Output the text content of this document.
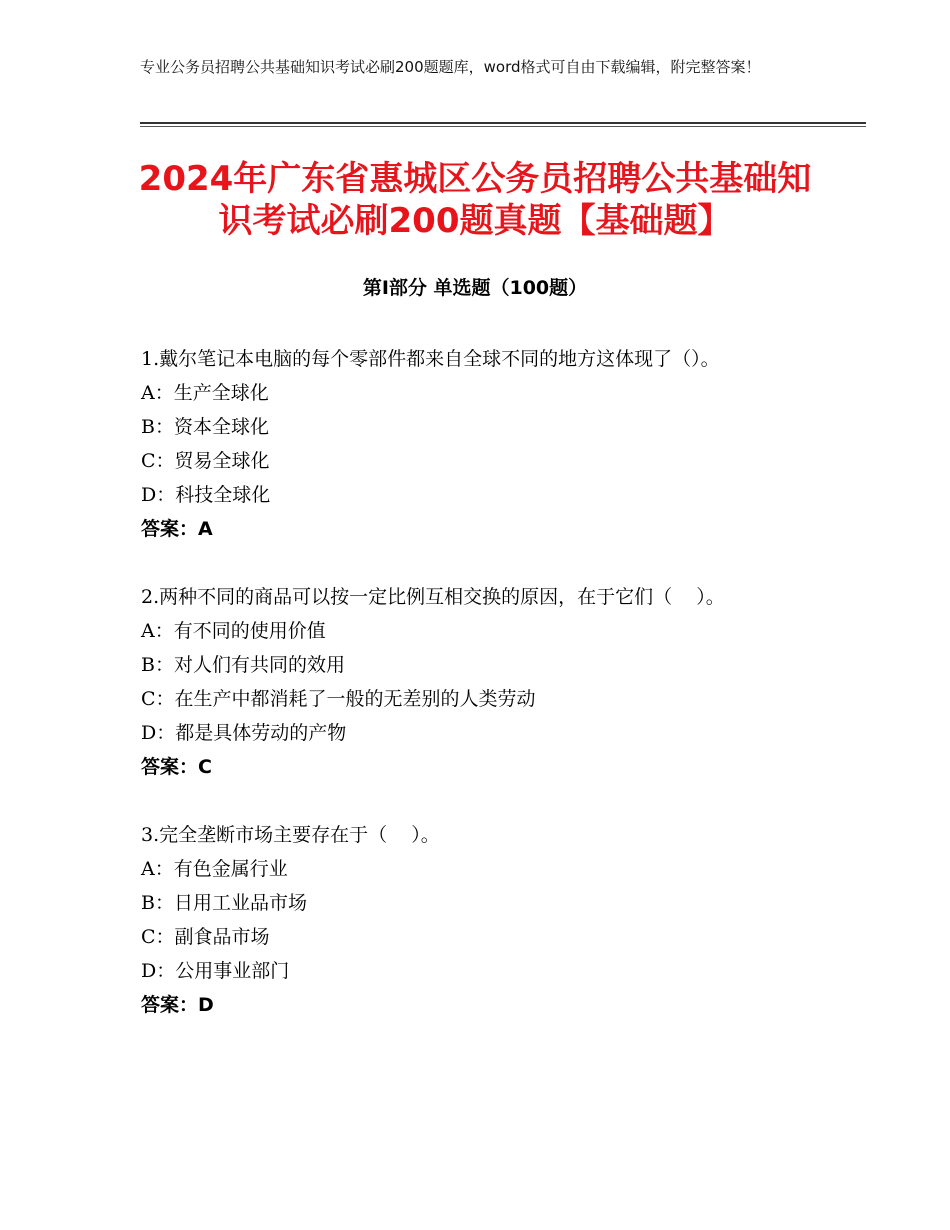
专业公务员招聘公共基础知识考试必刷200题题库，word格式可自由下载编辑，附完整答案！
2024年广东省惠城区公务员招聘公共基础知
识考试必刷200题真题【基础题】
第Ⅰ部分 单选题（100题）
1.戴尔笔记本电脑的每个零部件都来自全球不同的地方这体现了（）。
A：生产全球化
B：资本全球化
C：贸易全球化
D：科技全球化
答案：A
2.两种不同的商品可以按一定比例互相交换的原因，在于它们（    ）。
A：有不同的使用价值
B：对人们有共同的效用
C：在生产中都消耗了一般的无差别的人类劳动
D：都是具体劳动的产物
答案：C
3.完全垄断市场主要存在于（    ）。
A：有色金属行业
B：日用工业品市场
C：副食品市场
D：公用事业部门
答案：D
